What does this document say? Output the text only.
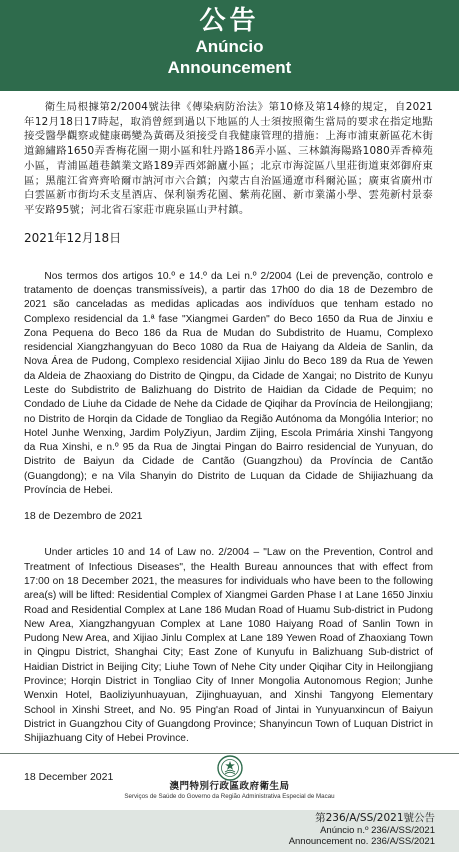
公告
Anúncio
Announcement

衛生局根據第2/2004號法律《傳染病防治法》第10條及第14條的規定，自2021年12月18日17時起，取消曾經到過以下地區的人士須按照衛生當局的要求在指定地點接受醫學觀察或健康碼變為黃碼及須接受自我健康管理的措施：上海市浦東新區花木街道錦繡路1650弄香梅花園一期小區和牡丹路186弄小區、三林鎮海陽路1080弄香樟苑小區，青浦區趙巷鎮業文路189弄西郊錦廬小區；北京市海淀區八里莊街道東郊御府東區；黑龍江省齊齊哈爾市訥河市六合鎮；內蒙古自治區通遼市科爾沁區；廣東省廣州市白雲區新市街均禾支星酒店、保利嶺秀花園、紫荊花園、新市業滿小學、雲苑新村景泰平安路95號；河北省石家莊市鹿泉區山尹村鎮。

2021年12月18日

Nos termos dos artigos 10.º e 14.º da Lei n.º 2/2004 (Lei de prevenção, controlo e tratamento de doenças transmissíveis), a partir das 17h00 do dia 18 de Dezembro de 2021 são canceladas as medidas aplicadas aos indivíduos que tenham estado no Complexo residencial da 1.ª fase "Xiangmei Garden" do Beco 1650 da Rua de Jinxiu e Zona Pequena do Beco 186 da Rua de Mudan do Subdistrito de Huamu, Complexo residencial Xiangzhangyuan do Beco 1080 da Rua de Haiyang da Aldeia de Sanlin, da Nova Área de Pudong, Complexo residencial Xijiao Jinlu do Beco 189 da Rua de Yewen da Aldeia de Zhaoxiang do Distrito de Qingpu, da Cidade de Xangai; no Distrito de Kunyu Leste do Subdistrito de Balizhuang do Distrito de Haidian da Cidade de Pequim; no Condado de Liuhe da Cidade de Nehe da Cidade de Qiqihar da Província de Heilongjiang; no Distrito de Horqin da Cidade de Tongliao da Região Autónoma da Mongólia Interior; no Hotel Junhe Wenxing, Jardim PolyZiyun, Jardim Zijing, Escola Primária Xinshi Tangyong da Rua Xinshi, e n.º 95 da Rua de Jingtai Pingan do Bairro residencial de Yunyuan, do Distrito de Baiyun da Cidade de Cantão (Guangzhou) da Província de Cantão (Guangdong); e na Vila Shanyin do Distrito de Luquan da Cidade de Shijiazhuang da Província de Hebei.

18 de Dezembro de 2021

Under articles 10 and 14 of Law no. 2/2004 – "Law on the Prevention, Control and Treatment of Infectious Diseases", the Health Bureau announces that with effect from 17:00 on 18 December 2021, the measures for individuals who have been to the following area(s) will be lifted: Residential Complex of Xiangmei Garden Phase I at Lane 1650 Jinxiu Road and Residential Complex at Lane 186 Mudan Road of Huamu Sub-district in Pudong New Area, Xiangzhangyuan Complex at Lane 1080 Haiyang Road of Sanlin Town in Pudong New Area, and Xijiao Jinlu Complex at Lane 189 Yewen Road of Zhaoxiang Town in Qingpu District, Shanghai City; East Zone of Kunyufu in Balizhuang Sub-district of Haidian District in Beijing City; Liuhe Town of Nehe City under Qiqihar City in Heilongjiang Province; Horqin District in Tongliao City of Inner Mongolia Autonomous Region; Junhe Wenxin Hotel, Baoliziyunhuayuan, Zijinghuayuan, and Xinshi Tangyong Elementary School in Xinshi Street, and No. 95 Ping'an Road of Jintai in Yunyuanxincun of Baiyun District in Guangzhou City of Guangdong Province; Shanyincun Town of Luquan District in Shijiazhuang City of Hebei Province.

18 December 2021
澳門特別行政區政府衛生局
Serviços de Saúde do Governo da Região Administrativa Especial de Macau
第236/A/SS/2021號公告
Anúncio n.º 236/A/SS/2021
Announcement no. 236/A/SS/2021
